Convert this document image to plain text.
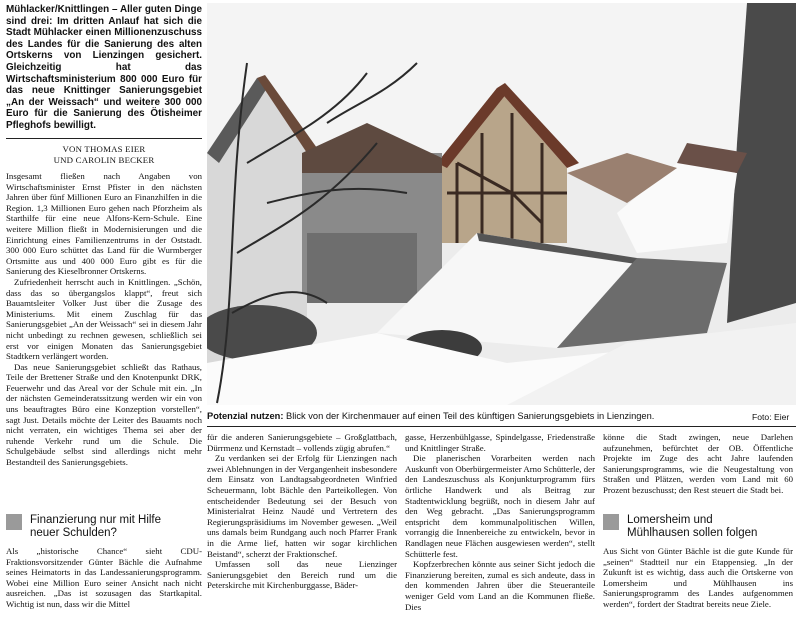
Mühlacker/Knittlingen – Aller guten Dinge sind drei: Im dritten Anlauf hat sich die Stadt Mühlacker einen Millionenzuschuss des Landes für die Sanierung des alten Ortskerns von Lienzingen gesichert. Gleichzeitig hat das Wirtschaftsministerium 800 000 Euro für das neue Knittinger Sanierungsgebiet „An der Weissach“ und weitere 300 000 Euro für die Sanierung des Ötisheimer Pfleghofs bewilligt.
VON THOMAS EIER
UND CAROLIN BECKER

Insgesamt fließen nach Angaben von Wirtschaftsminister Ernst Pfister in den nächsten Jahren über fünf Millionen Euro an Finanzhilfen in die Region. 1,3 Millionen Euro gehen nach Pforzheim als Starthilfe für eine neue Alfons-Kern-Schule. Eine weitere Million fließt in Modernisierungen und die Einrichtung eines Familienzentrums in der Oststadt. 300 000 Euro schüttet das Land für die Wurmberger Ortsmitte aus und 400 000 Euro gibt es für die Sanierung des Kieselbronner Ortskerns.

Zufriedenheit herrscht auch in Knittlingen. „Schön, dass das so übergangslos klappt“, freut sich Bauamtsleiter Volker Just über die Zusage des Ministeriums. Mit einem Zuschlag für das Sanierungsgebiet „An der Weissach“ sei in diesem Jahr nicht unbedingt zu rechnen gewesen, schließlich sei erst vor einigen Monaten das Sanierungsgebiet Stadtkern verlängert worden.

Das neue Sanierungsgebiet schließt das Rathaus, Teile der Brettener Straße und den Knotenpunkt DRK, Feuerwehr und das Areal vor der Schule mit ein. „In der nächsten Gemeinderatssitzung werden wir ein von uns beauftragtes Büro eine Konzeption vorstellen“, sagt Just. Details möchte der Leiter des Bauamts noch nicht verraten, ein wichtiges Thema sei aber der ruhende Verkehr rund um die Schule. Die Schulgebäude selbst sind allerdings nicht mehr Bestandteil des Sanierungsgebiets.

Finanzierung nur mit Hilfe
neuer Schulden?

Als „historische Chance“ sieht CDU-Fraktionsvorsitzender Günter Bächle die Aufnahme seines Heimatorts in das Landessanierungsprogramm. Wobei eine Million Euro seiner Ansicht nach nicht ausreichen. „Das ist sozusagen das Startkapital. Wichtig ist nun, dass wir die Mittel

Potenzial nutzen: Blick von der Kirchenmauer auf einen Teil des künftigen Sanierungsgebiets in Lienzingen.	Foto: Eier

für die anderen Sanierungsgebiete – Großglattbach, Dürrmenz und Kernstadt – vollends zügig abrufen.“

Zu verdanken sei der Erfolg für Lienzingen nach zwei Ablehnungen in der Vergangenheit insbesondere dem Einsatz von Landtagsabgeordneten Winfried Scheuermann, lobt Bächle den Parteikollegen. Von entscheidender Bedeutung sei der Besuch von Ministerialrat Heinz Naudé und Vertretern des Regierungspräsidiums im November gewesen. „Weil uns damals beim Rundgang auch noch Pfarrer Frank in die Arme lief, hatten wir sogar kirchlichen Beistand“, scherzt der Fraktionschef.

Umfassen soll das neue Lienzinger Sanierungsgebiet den Bereich rund um die Peterskirche mit Kirchenburggasse, Bäder-

gasse, Herzenbühlgasse, Spindelgasse, Friedenstraße und Knittlinger Straße.

Die planerischen Vorarbeiten werden nach Auskunft von Oberbürgermeister Arno Schütterle, der den Landeszuschuss als Konjunkturprogramm fürs örtliche Handwerk und als Beitrag zur Stadtentwicklung begrüßt, noch in diesem Jahr auf den Weg gebracht. „Das Sanierungsprogramm entspricht dem kommunalpolitischen Willen, vorrangig die Innenbereiche zu entwickeln, bevor in Randlagen neue Flächen ausgewiesen werden“, stellt Schütterle fest.

Kopfzerbrechen könnte aus seiner Sicht jedoch die Finanzierung bereiten, zumal es sich andeute, dass in den kommenden Jahren über die Steueranteile weniger Geld vom Land an die Kommunen fließe. Dies

könne die Stadt zwingen, neue Darlehen aufzunehmen, befürchtet der OB. Öffentliche Projekte im Zuge des acht Jahre laufenden Sanierungsprogramms, wie die Neugestaltung von Straßen und Plätzen, werden vom Land mit 60 Prozent bezuschusst; den Rest steuert die Stadt bei.

Lomersheim und
Mühlhausen sollen folgen

Aus Sicht von Günter Bächle ist die gute Kunde für „seinen“ Stadtteil nur ein Etappensieg. „In der Zukunft ist es wichtig, dass auch die Ortskerne von Lomersheim und Mühlhausen ins Sanierungsprogramm des Landes aufgenommen werden“, fordert der Stadtrat bereits neue Ziele.
